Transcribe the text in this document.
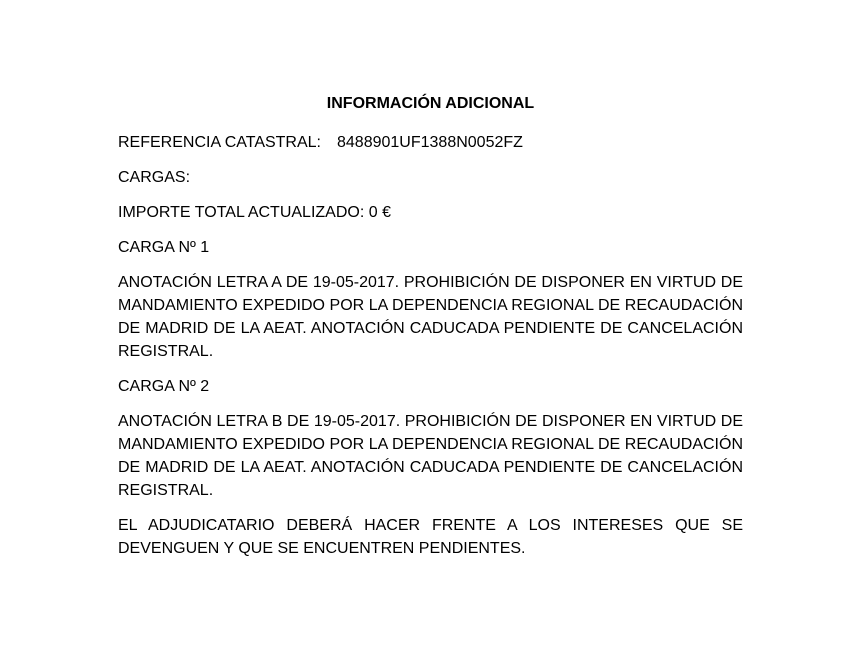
INFORMACIÓN ADICIONAL

REFERENCIA CATASTRAL: 8488901UF1388N0052FZ

CARGAS:

IMPORTE TOTAL ACTUALIZADO: 0 €

CARGA Nº 1

ANOTACIÓN LETRA A DE 19-05-2017. PROHIBICIÓN DE DISPONER EN VIRTUD DE MANDAMIENTO EXPEDIDO POR LA DEPENDENCIA REGIONAL DE RECAUDACIÓN DE MADRID DE LA AEAT. ANOTACIÓN CADUCADA PENDIENTE DE CANCELACIÓN REGISTRAL.

CARGA Nº 2

ANOTACIÓN LETRA B DE 19-05-2017. PROHIBICIÓN DE DISPONER EN VIRTUD DE MANDAMIENTO EXPEDIDO POR LA DEPENDENCIA REGIONAL DE RECAUDACIÓN DE MADRID DE LA AEAT. ANOTACIÓN CADUCADA PENDIENTE DE CANCELACIÓN REGISTRAL.

EL ADJUDICATARIO DEBERÁ HACER FRENTE A LOS INTERESES QUE SE DEVENGUEN Y QUE SE ENCUENTREN PENDIENTES.
